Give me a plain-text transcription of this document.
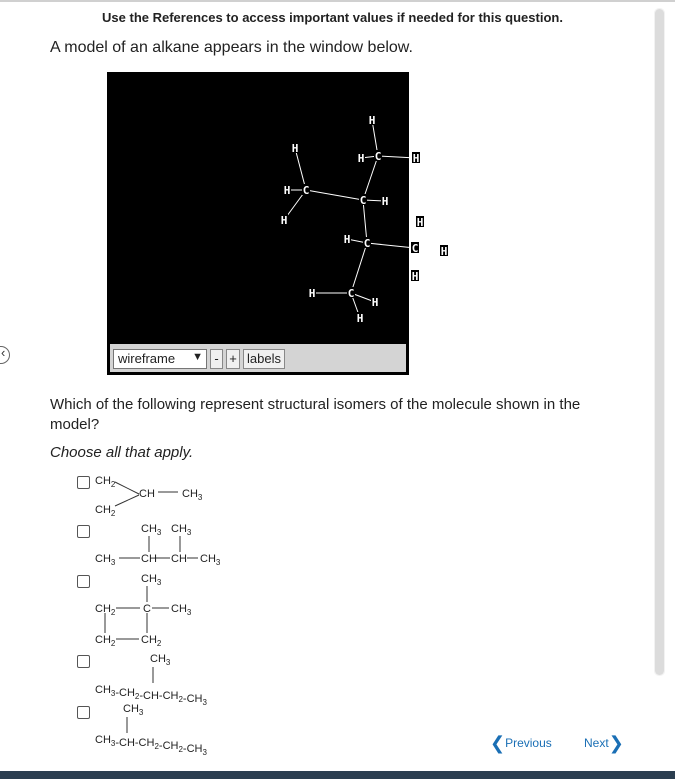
Use the References to access important values if needed for this question.
A model of an alkane appears in the window below.
‹
C
C
C
C	C
C
H
H
H
H
H	H
H
H
H
H
H
H
H
H
wireframe ▼ - + labels
Which of the following represent structural isomers of the molecule shown in the model?
Choose all that apply.
$CH_2$
CH $CH_3$
$CH_2$
$CH_3$ $CH_3$
$CH_3$ CH CH $CH_3$
$CH_3$
$CH_2$	C $CH_3$
$CH_2$ $CH_2$
$CH_3$
$CH_3-CH_2-CH-CH_2-CH_3$
$CH_3$
$CH_3-CH-CH_2-CH_2-CH_3$	❮Previous	Next❯
